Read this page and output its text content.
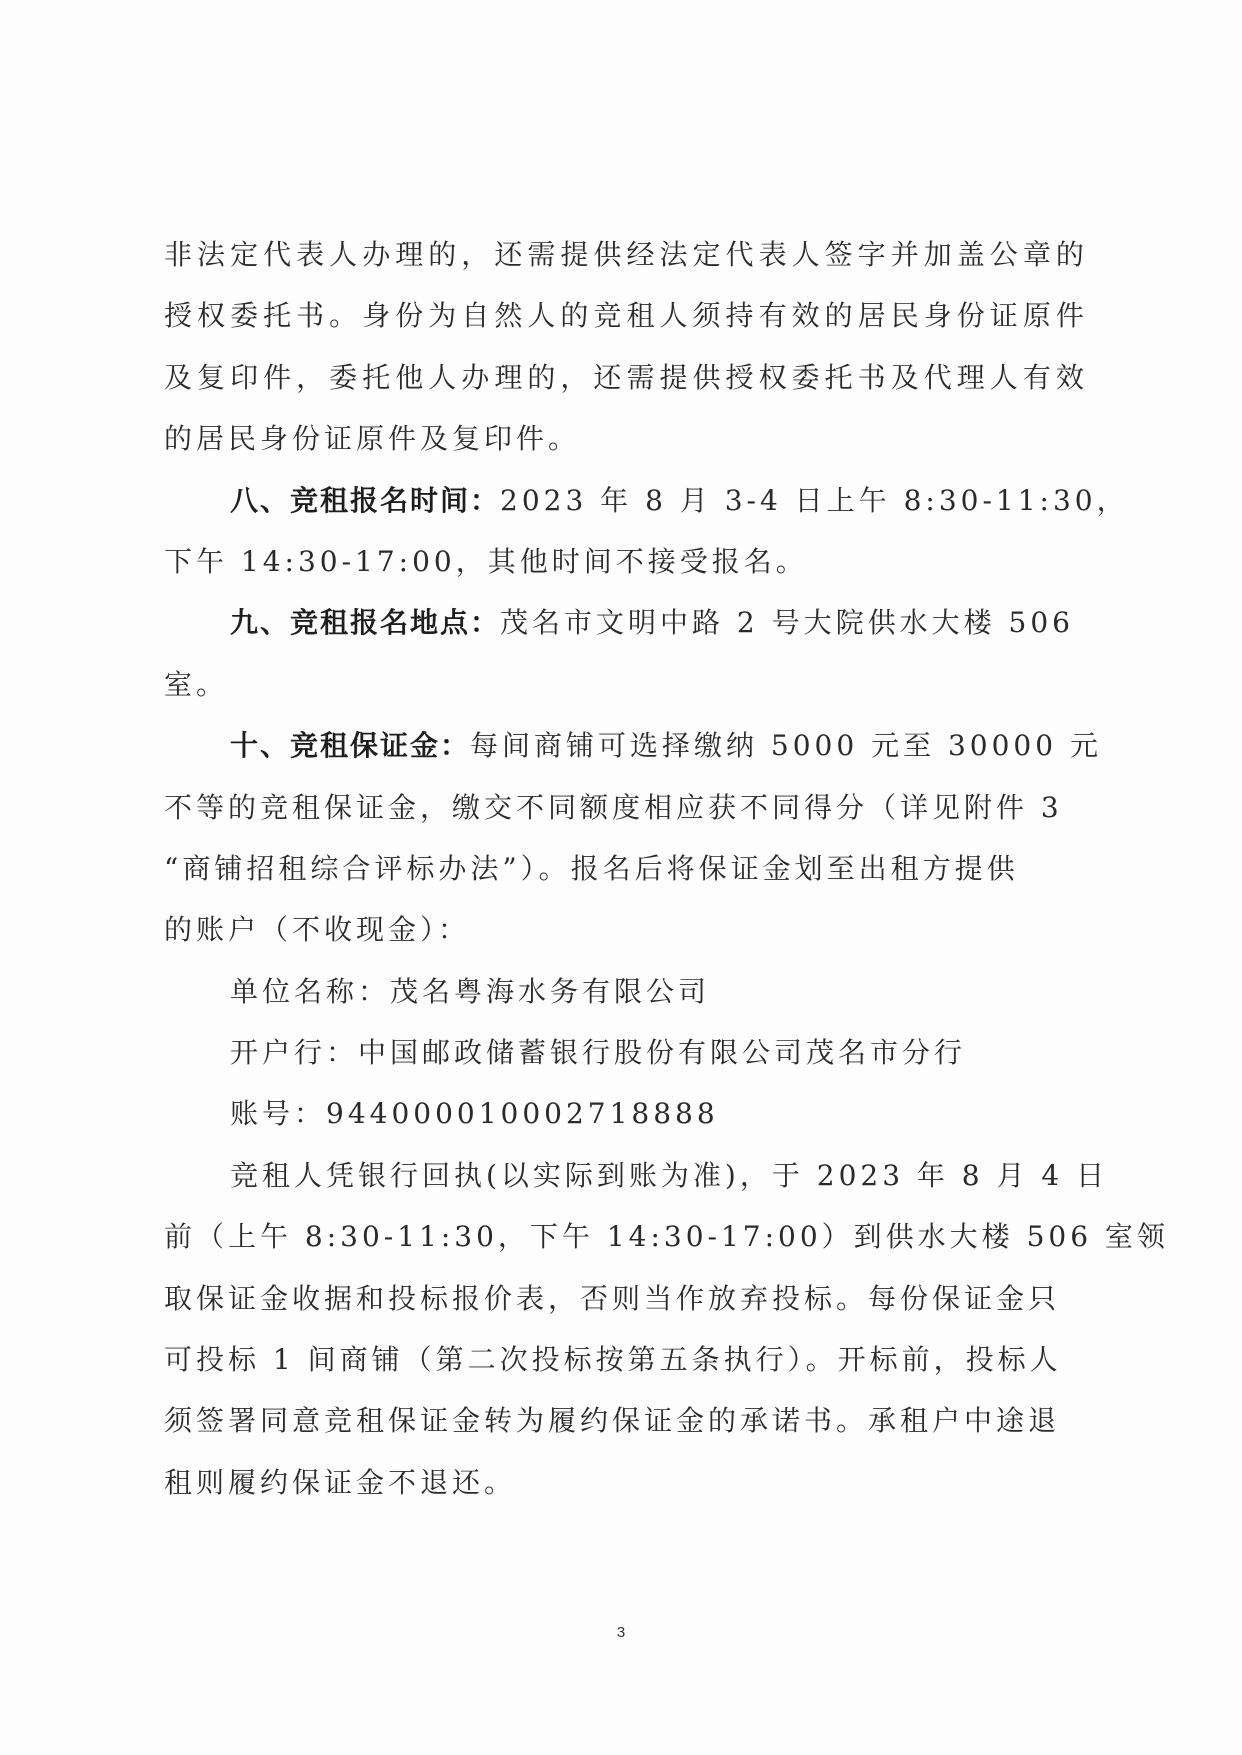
非 法 定 代 表 人 办 理 的 ， 还 需 提 供 经 法 定 代 表 人 签 字 并 加 盖 公 章 的
授 权 委 托 书 。 身 份 为 自 然 人 的 竞 租 人 须 持 有 效 的 居 民 身 份 证 原 件
及 复 印 件 ， 委 托 他 人 办 理 的 ， 还 需 提 供 授 权 委 托 书 及 代 理 人 有 效
的居民身份证原件及复印件。
八、竞租报名时间：2023 年 8 月 3-4 日上午 8:30-11:30，
下午 14:30-17:00，其他时间不接受报名。
九、竞租报名地点：茂名市文明中路 2 号大院供水大楼 506
室。
十、竞租保证金：每间商铺可选择缴纳 5000 元至 30000 元
不等的竞租保证金，缴交不同额度相应获不同得分（详见附件 3
“商铺招租综合评标办法”）。报名后将保证金划至出租方提供
的账户（不收现金）：
单位名称：茂名粤海水务有限公司
开户行：中国邮政储蓄银行股份有限公司茂名市分行
账号：944000010002718888
竞租人凭银行回执(以实际到账为准)，于 2023 年 8 月 4 日
前（上午 8:30-11:30，下午 14:30-17:00）到供水大楼 506 室领
取保证金收据和投标报价表，否则当作放弃投标。每份保证金只
可投标 1 间商铺（第二次投标按第五条执行）。开标前，投标人
须签署同意竞租保证金转为履约保证金的承诺书。承租户中途退
租则履约保证金不退还。
3
